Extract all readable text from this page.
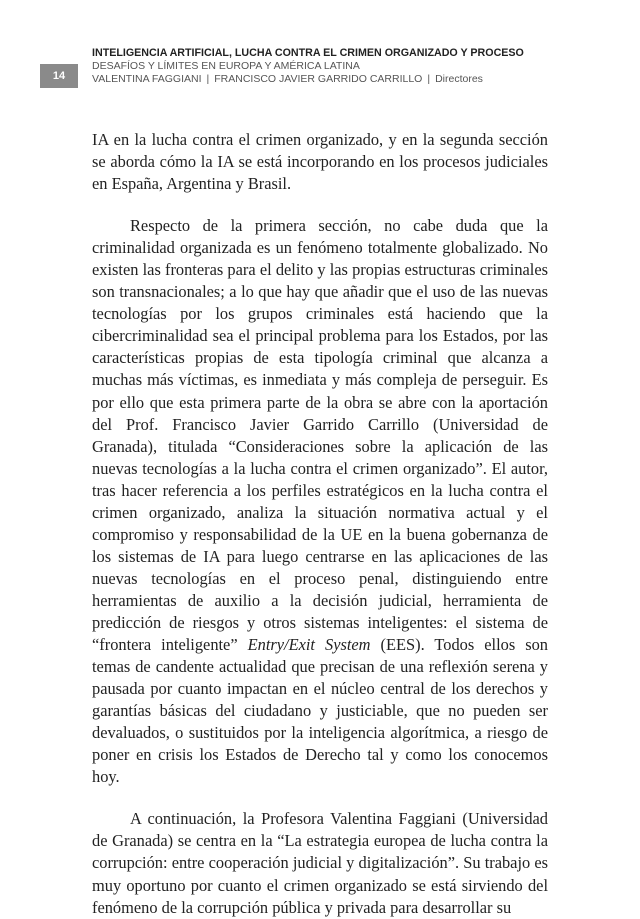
14
INTELIGENCIA ARTIFICIAL, LUCHA CONTRA EL CRIMEN ORGANIZADO Y PROCESO
DESAFÍOS Y LÍMITES EN EUROPA Y AMÉRICA LATINA
VALENTINA FAGGIANI | FRANCISCO JAVIER GARRIDO CARRILLO | Directores

IA en la lucha contra el crimen organizado, y en la segunda sección se aborda cómo la IA se está incorporando en los procesos judiciales en España, Argentina y Brasil.

Respecto de la primera sección, no cabe duda que la criminalidad organizada es un fenómeno totalmente globalizado. No existen las fronteras para el delito y las propias estructuras criminales son transnacionales; a lo que hay que añadir que el uso de las nuevas tecnologías por los grupos criminales está haciendo que la cibercriminalidad sea el principal problema para los Estados, por las características propias de esta tipología criminal que alcanza a muchas más víctimas, es inmediata y más compleja de perseguir. Es por ello que esta primera parte de la obra se abre con la aportación del Prof. Francisco Javier Garrido Carrillo (Universidad de Granada), titulada “Consideraciones sobre la aplicación de las nuevas tecnologías a la lucha contra el crimen organizado”. El autor, tras hacer referencia a los perfiles estratégicos en la lucha contra el crimen organizado, analiza la situación normativa actual y el compromiso y responsabilidad de la UE en la buena gobernanza de los sistemas de IA para luego centrarse en las aplicaciones de las nuevas tecnologías en el proceso penal, distinguiendo entre herramientas de auxilio a la decisión judicial, herramienta de predicción de riesgos y otros sistemas inteligentes: el sistema de “frontera inteligente” Entry/Exit System (EES). Todos ellos son temas de candente actualidad que precisan de una reflexión serena y pausada por cuanto impactan en el núcleo central de los derechos y garantías básicas del ciudadano y justiciable, que no pueden ser devaluados, o sustituidos por la inteligencia algorítmica, a riesgo de poner en crisis los Estados de Derecho tal y como los conocemos hoy.

A continuación, la Profesora Valentina Faggiani (Universidad de Granada) se centra en la “La estrategia europea de lucha contra la corrupción: entre cooperación judicial y digitalización”. Su trabajo es muy oportuno por cuanto el crimen organizado se está sirviendo del fenómeno de la corrupción pública y privada para desarrollar su
